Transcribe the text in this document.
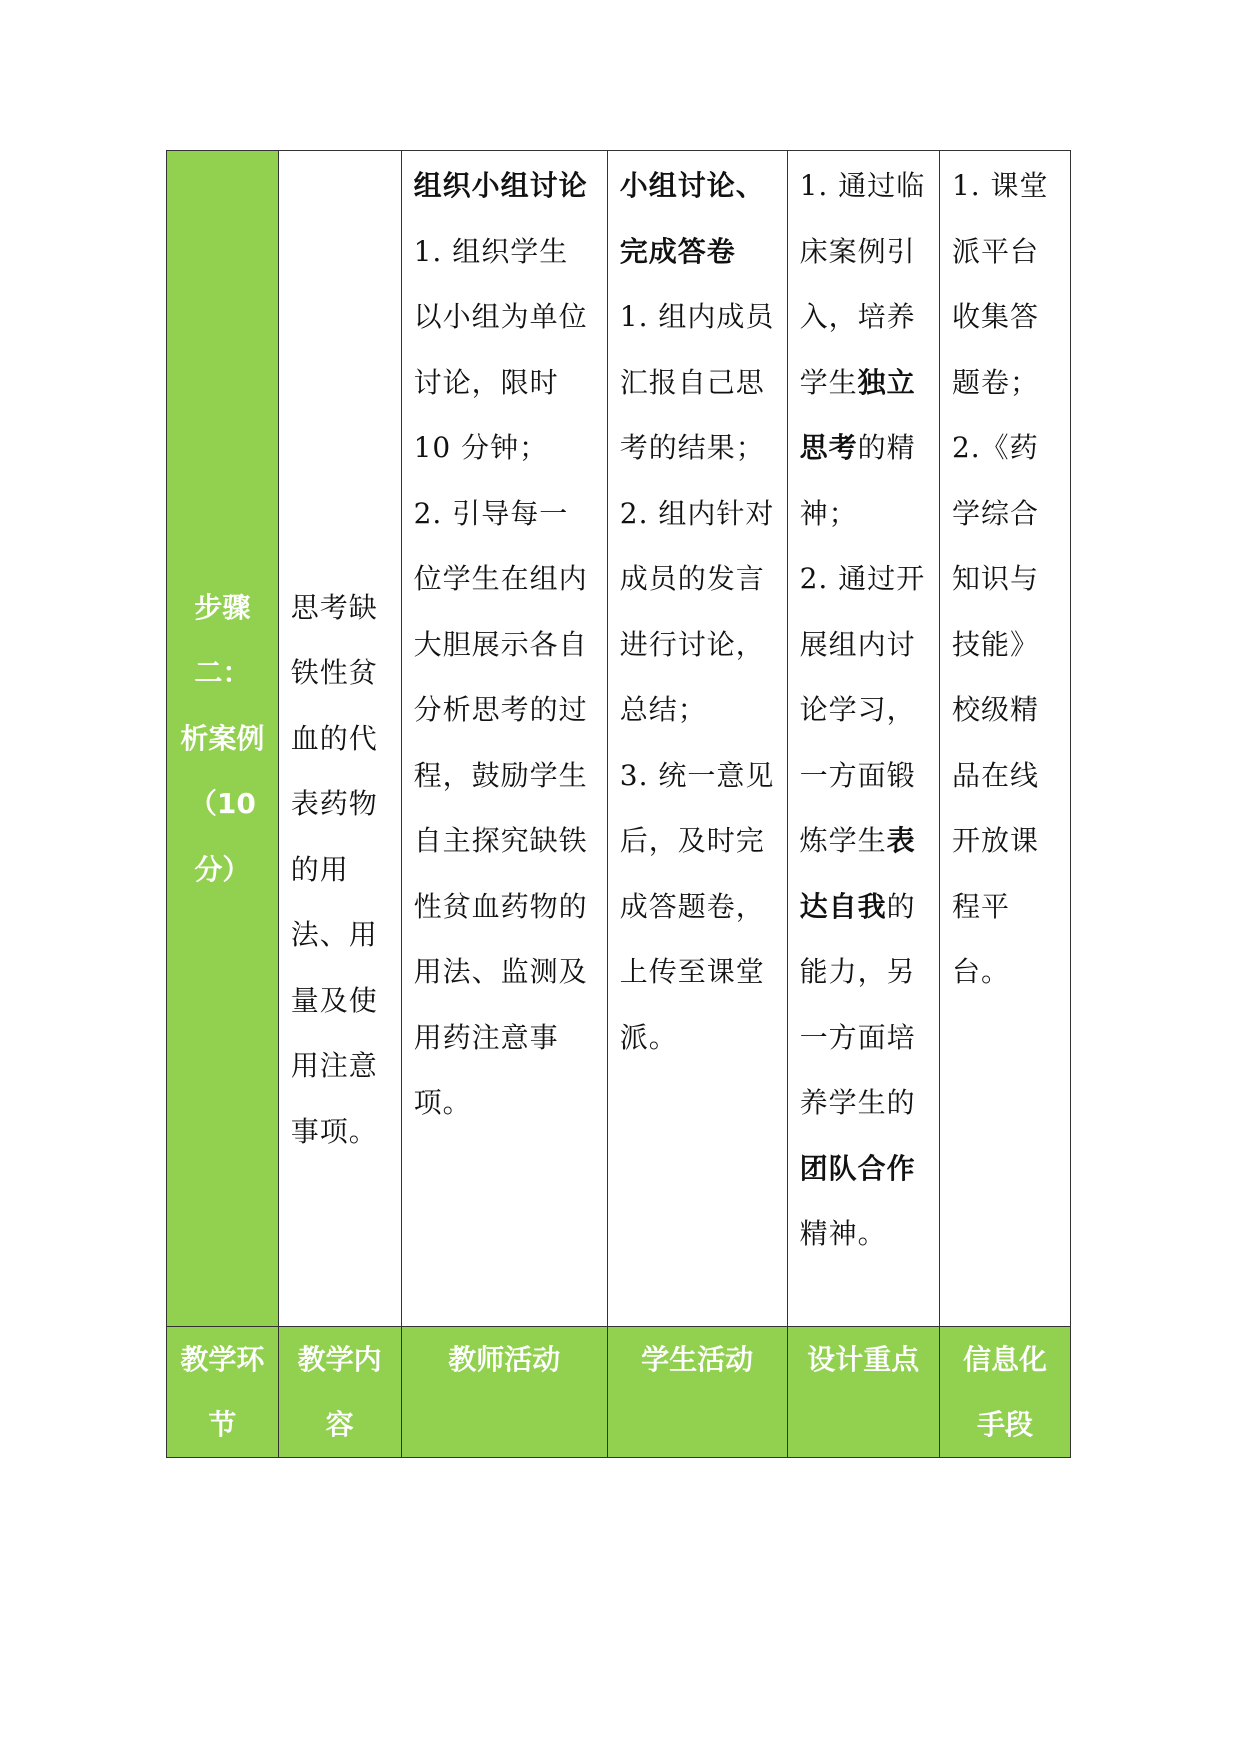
步骤
二：
析案例
（10
分）	思考缺铁性贫血的代表药物的用法、用量及使用注意事项。	组织小组讨论
1. 组织学生以小组为单位讨论，限时 10 分钟；
2. 引导每一位学生在组内大胆展示各自分析思考的过程，鼓励学生自主探究缺铁性贫血药物的用法、监测及用药注意事项。	小组讨论、完成答卷
1. 组内成员汇报自己思考的结果；
2. 组内针对成员的发言进行讨论，总结；
3. 统一意见后，及时完成答题卷，上传至课堂派。	1. 通过临床案例引入，培养学生独立思考的精神；
2. 通过开展组内讨论学习，一方面锻炼学生表达自我的能力，另一方面培养学生的团队合作精神。	1. 课堂派平台收集答题卷；
2.《药学综合知识与技能》校级精品在线开放课程平台。

教学环节	教学内容	教师活动	学生活动	设计重点	信息化手段
